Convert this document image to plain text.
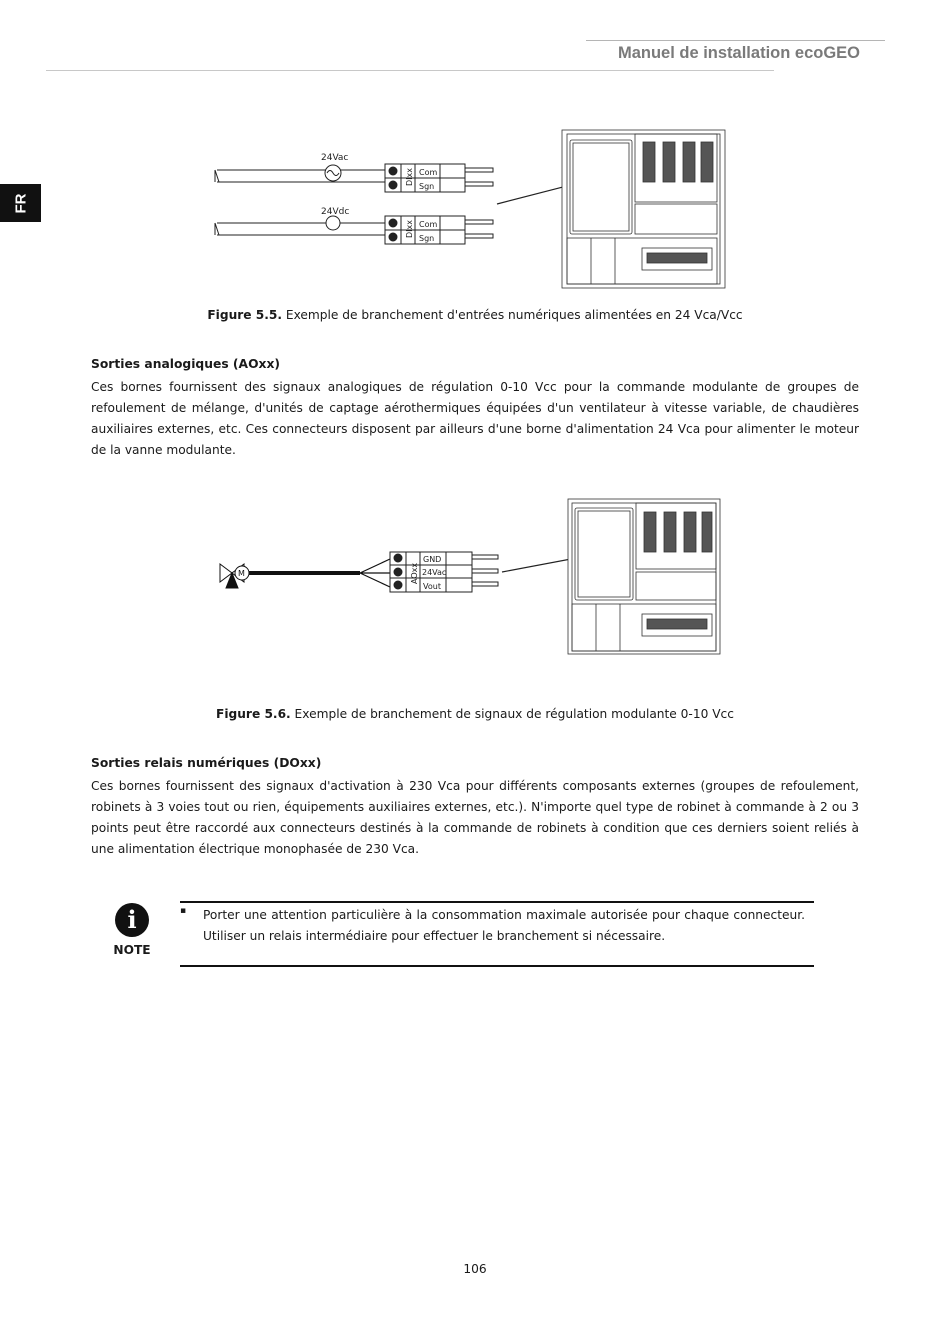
Manuel de installation ecoGEO
FR
24Vac
DIxx Com
Sgn
24Vdc
DIxx Com
Sgn
Figure 5.5. Exemple de branchement d'entrées numériques alimentées en 24 Vca/Vcc
Sorties analogiques (AOxx)

Ces bornes fournissent des signaux analogiques de régulation 0-10 Vcc pour la commande modulante de groupes de refoulement de mélange, d'unités de captage aérothermiques équipées d'un ventilateur à vitesse variable, de chaudières auxiliaires externes, etc. Ces connecteurs disposent par ailleurs d'une borne d'alimentation 24 Vca pour alimenter le moteur de la vanne modulante.

M	AOxx
GND
24Vac
Vout
Figure 5.6. Exemple de branchement de signaux de régulation modulante 0-10 Vcc
Sorties relais numériques (DOxx)

Ces bornes fournissent des signaux d'activation à 230 Vca pour différents composants externes (groupes de refoulement, robinets à 3 voies tout ou rien, équipements auxiliaires externes, etc.). N'importe quel type de robinet à commande à 2 ou 3 points peut être raccordé aux connecteurs destinés à la commande de robinets à condition que ces derniers soient reliés à une alimentation électrique monophasée de 230 Vca.

i
NOTE
▪ Porter une attention particulière à la consommation maximale autorisée pour chaque connecteur. Utiliser un relais intermédiaire pour effectuer le branchement si nécessaire.

106
